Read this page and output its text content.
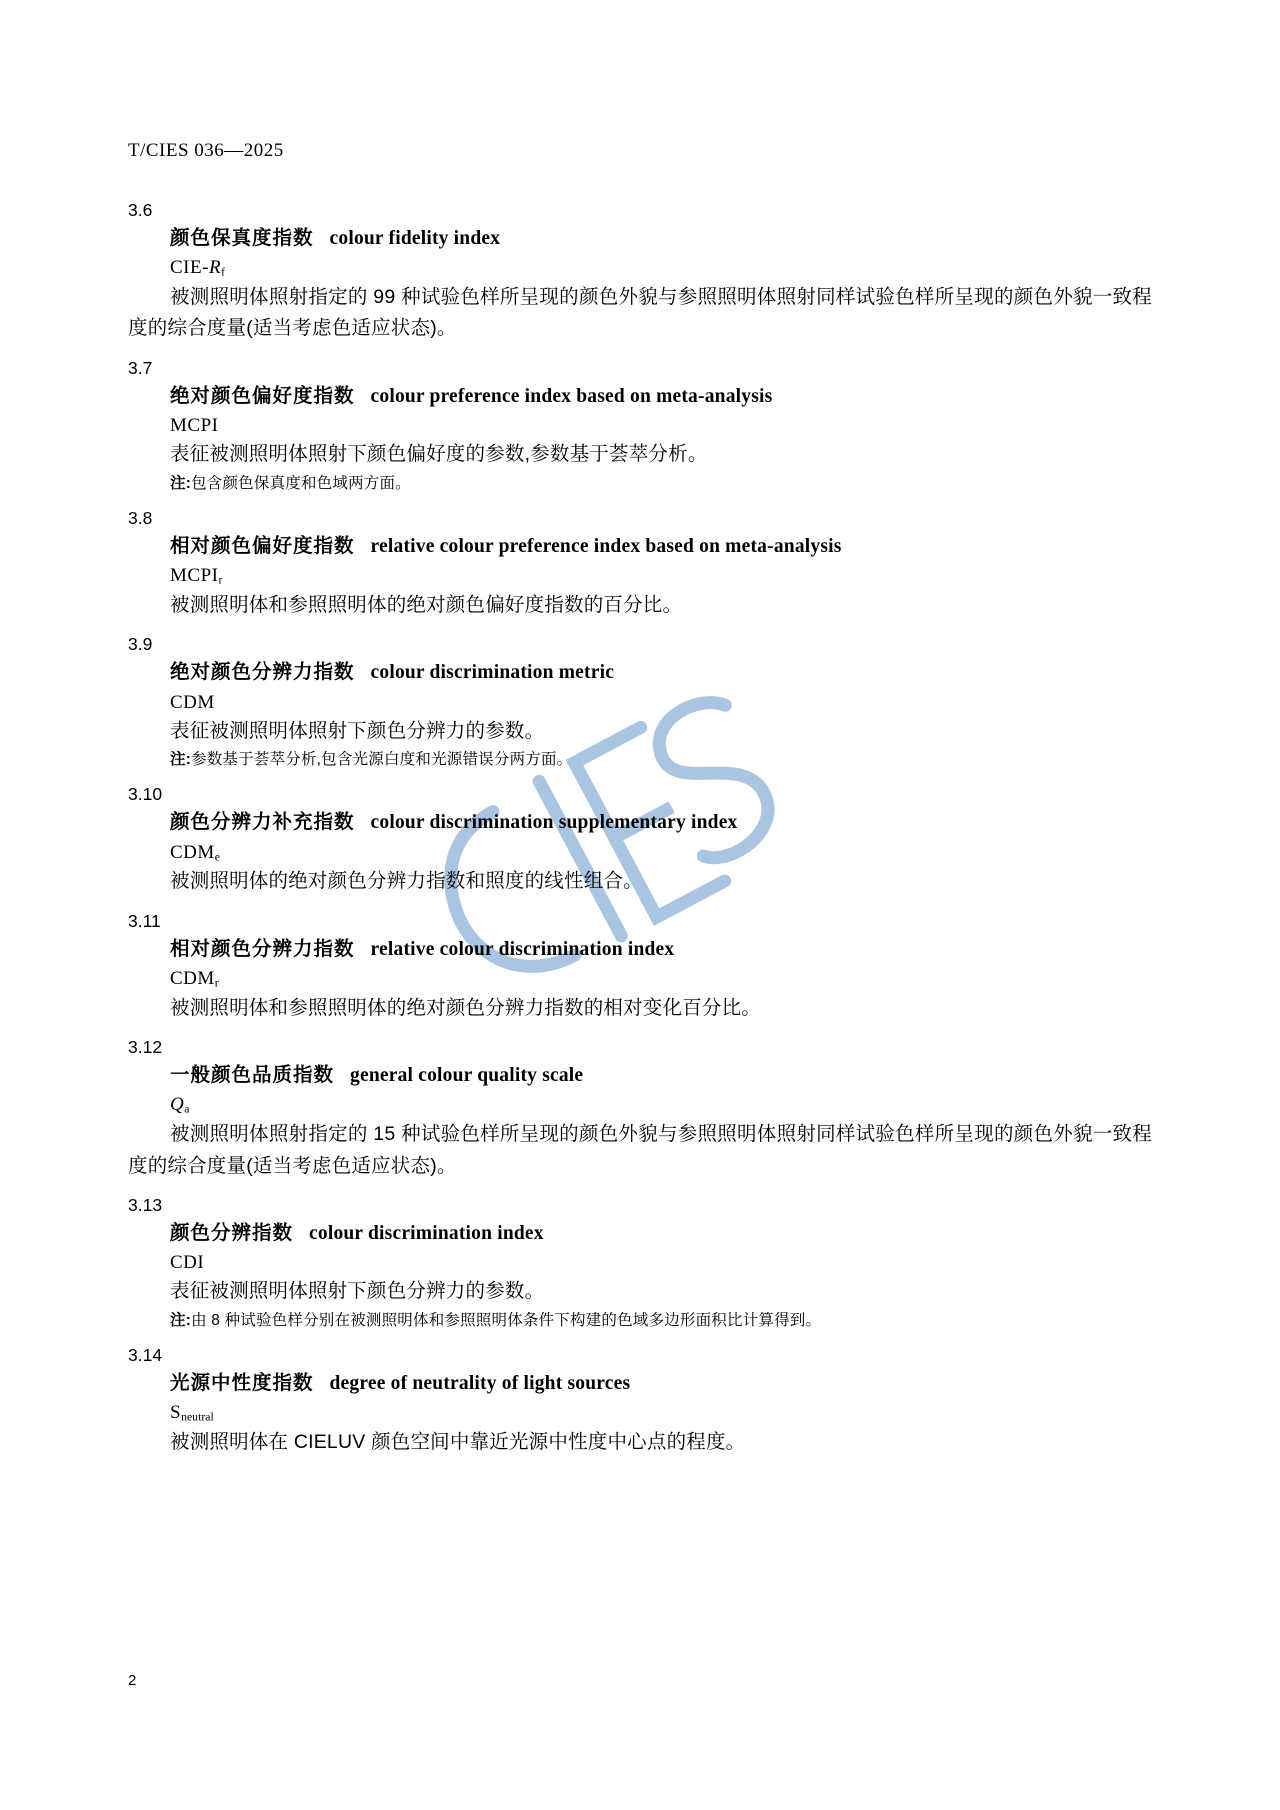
T/CIES 036—2025
3.6
颜色保真度指数 colour fidelity index
CIE-$R_f$
被测照明体照射指定的 99 种试验色样所呈现的颜色外貌与参照照明体照射同样试验色样所呈现的颜色外貌一致程度的综合度量(适当考虑色适应状态)。
3.7
绝对颜色偏好度指数 colour preference index based on meta-analysis
MCPI
表征被测照明体照射下颜色偏好度的参数,参数基于荟萃分析。
注:包含颜色保真度和色域两方面。
3.8
相对颜色偏好度指数 relative colour preference index based on meta-analysis
$MCPI_r$
被测照明体和参照照明体的绝对颜色偏好度指数的百分比。
3.9
绝对颜色分辨力指数 colour discrimination metric
CDM
表征被测照明体照射下颜色分辨力的参数。
注:参数基于荟萃分析,包含光源白度和光源错误分两方面。
3.10
颜色分辨力补充指数 colour discrimination supplementary index
$CDM_e$
被测照明体的绝对颜色分辨力指数和照度的线性组合。
3.11
相对颜色分辨力指数 relative colour discrimination index
$CDM_r$
被测照明体和参照照明体的绝对颜色分辨力指数的相对变化百分比。
3.12
一般颜色品质指数 general colour quality scale
$Q_a$
被测照明体照射指定的 15 种试验色样所呈现的颜色外貌与参照照明体照射同样试验色样所呈现的颜色外貌一致程度的综合度量(适当考虑色适应状态)。
3.13
颜色分辨指数 colour discrimination index
CDI
表征被测照明体照射下颜色分辨力的参数。
注:由 8 种试验色样分别在被测照明体和参照照明体条件下构建的色域多边形面积比计算得到。
3.14
光源中性度指数 degree of neutrality of light sources
$S_{neutral}$
被测照明体在 CIELUV 颜色空间中靠近光源中性度中心点的程度。
2
